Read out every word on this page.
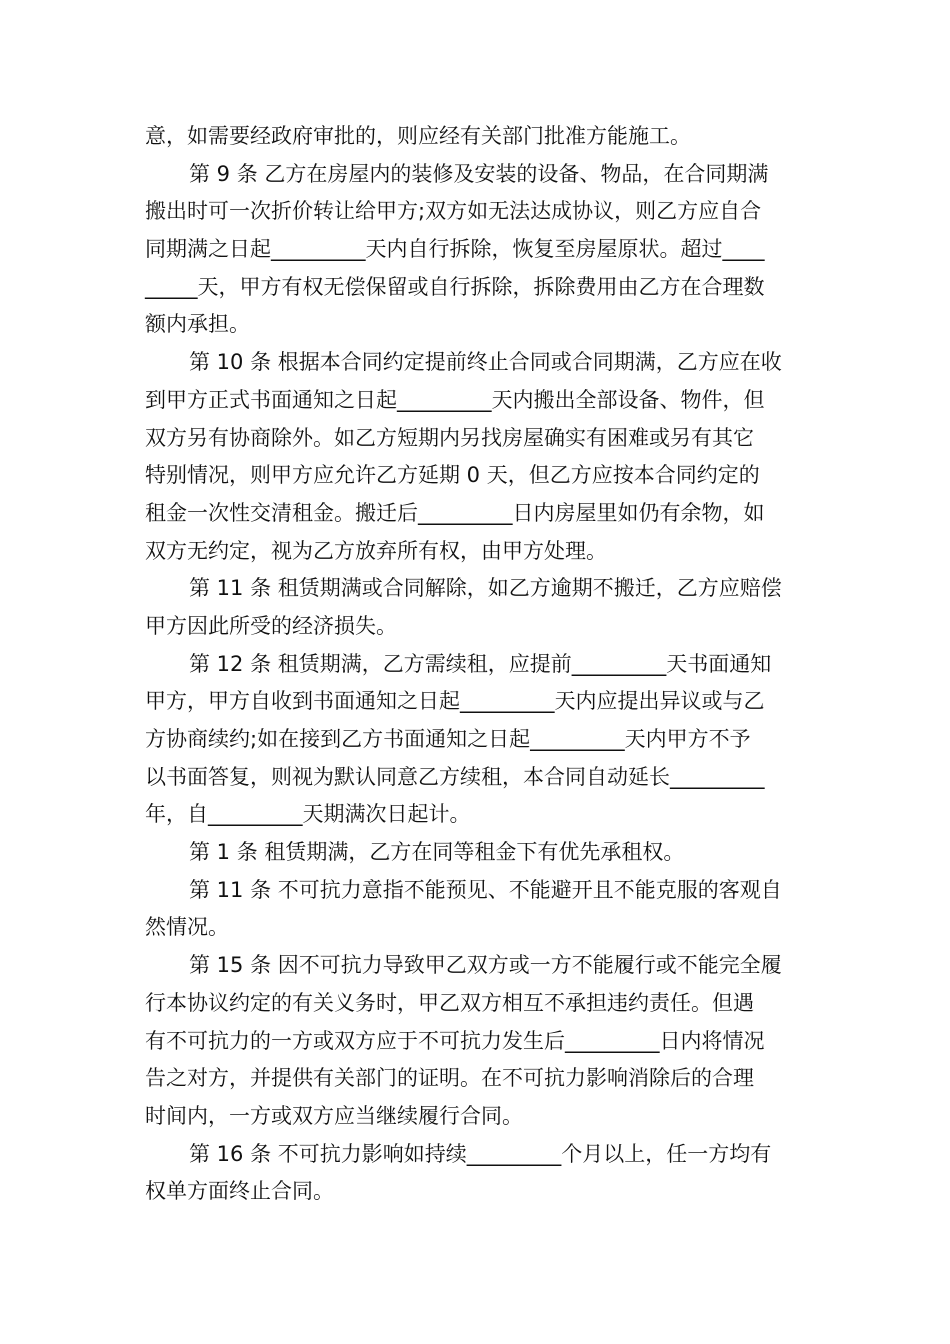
意，如需要经政府审批的，则应经有关部门批准方能施工。
第 9 条 乙方在房屋内的装修及安装的设备、物品，在合同期满
搬出时可一次折价转让给甲方;双方如无法达成协议，则乙方应自合
同期满之日起_________天内自行拆除，恢复至房屋原状。超过____
_____天，甲方有权无偿保留或自行拆除，拆除费用由乙方在合理数
额内承担。
第 10 条 根据本合同约定提前终止合同或合同期满，乙方应在收
到甲方正式书面通知之日起_________天内搬出全部设备、物件，但
双方另有协商除外。如乙方短期内另找房屋确实有困难或另有其它
特别情况，则甲方应允许乙方延期 0 天，但乙方应按本合同约定的
租金一次性交清租金。搬迁后_________日内房屋里如仍有余物，如
双方无约定，视为乙方放弃所有权，由甲方处理。
第 11 条 租赁期满或合同解除，如乙方逾期不搬迁，乙方应赔偿
甲方因此所受的经济损失。
第 12 条 租赁期满，乙方需续租，应提前_________天书面通知
甲方，甲方自收到书面通知之日起_________天内应提出异议或与乙
方协商续约;如在接到乙方书面通知之日起_________天内甲方不予
以书面答复，则视为默认同意乙方续租，本合同自动延长_________
年，自_________天期满次日起计。
第 1 条 租赁期满，乙方在同等租金下有优先承租权。
第 11 条 不可抗力意指不能预见、不能避开且不能克服的客观自
然情况。
第 15 条 因不可抗力导致甲乙双方或一方不能履行或不能完全履
行本协议约定的有关义务时，甲乙双方相互不承担违约责任。但遇
有不可抗力的一方或双方应于不可抗力发生后_________日内将情况
告之对方，并提供有关部门的证明。在不可抗力影响消除后的合理
时间内，一方或双方应当继续履行合同。
第 16 条 不可抗力影响如持续_________个月以上，任一方均有
权单方面终止合同。
